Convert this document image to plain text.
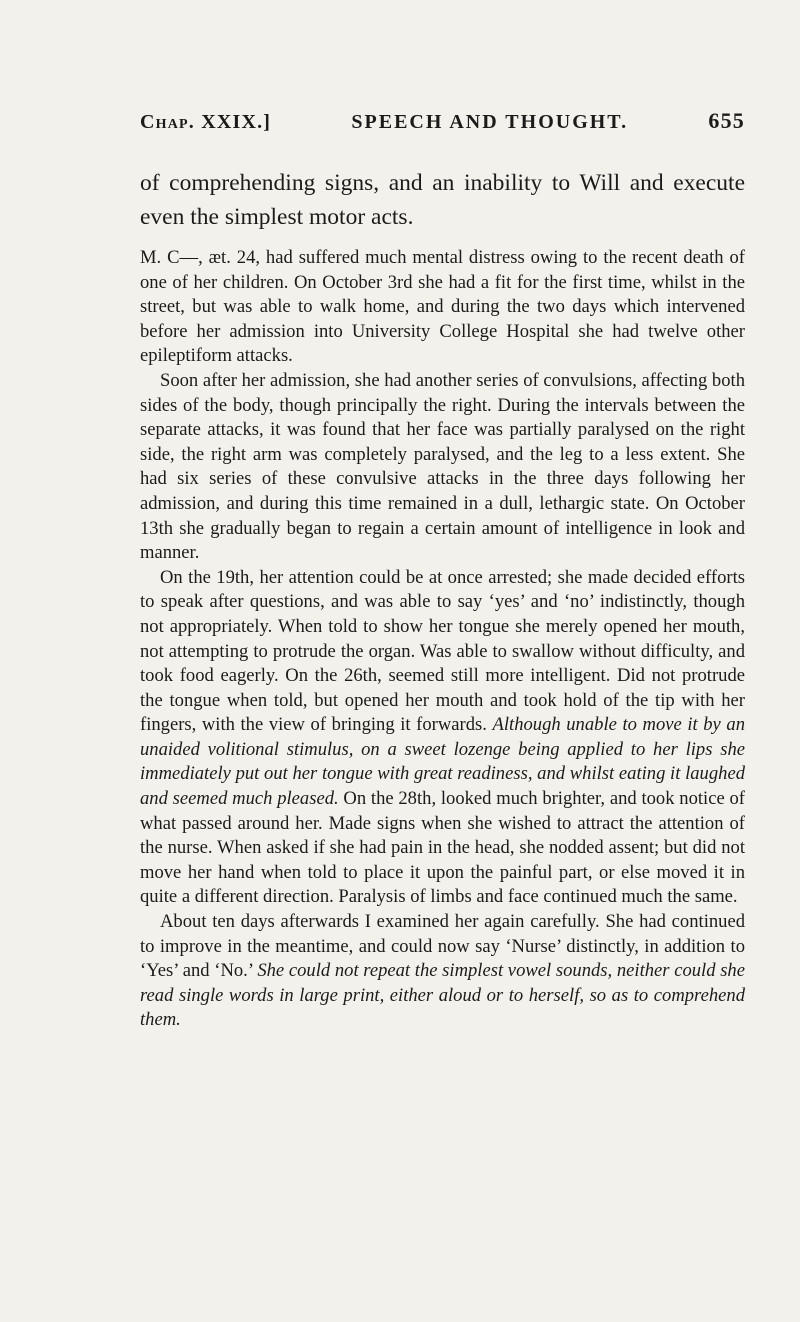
Chap. XXIX.]	SPEECH AND THOUGHT.	655

of comprehending signs, and an inability to Will and execute even the simplest motor acts.

M. C—, æt. 24, had suffered much mental distress owing to the recent death of one of her children. On October 3rd she had a fit for the first time, whilst in the street, but was able to walk home, and during the two days which intervened before her admission into University College Hospital she had twelve other epileptiform attacks.

Soon after her admission, she had another series of convulsions, affecting both sides of the body, though principally the right. During the intervals between the separate attacks, it was found that her face was partially paralysed on the right side, the right arm was completely paralysed, and the leg to a less extent. She had six series of these convulsive attacks in the three days following her admission, and during this time remained in a dull, lethargic state. On October 13th she gradually began to regain a certain amount of intelligence in look and manner.

On the 19th, her attention could be at once arrested; she made decided efforts to speak after questions, and was able to say ‘yes’ and ‘no’ indistinctly, though not appropriately. When told to show her tongue she merely opened her mouth, not attempting to protrude the organ. Was able to swallow without difficulty, and took food eagerly. On the 26th, seemed still more intelligent. Did not protrude the tongue when told, but opened her mouth and took hold of the tip with her fingers, with the view of bringing it forwards. Although unable to move it by an unaided volitional stimulus, on a sweet lozenge being applied to her lips she immediately put out her tongue with great readiness, and whilst eating it laughed and seemed much pleased. On the 28th, looked much brighter, and took notice of what passed around her. Made signs when she wished to attract the attention of the nurse. When asked if she had pain in the head, she nodded assent; but did not move her hand when told to place it upon the painful part, or else moved it in quite a different direction. Paralysis of limbs and face continued much the same.

About ten days afterwards I examined her again carefully. She had continued to improve in the meantime, and could now say ‘Nurse’ distinctly, in addition to ‘Yes’ and ‘No.’ She could not repeat the simplest vowel sounds, neither could she read single words in large print, either aloud or to herself, so as to comprehend them.
